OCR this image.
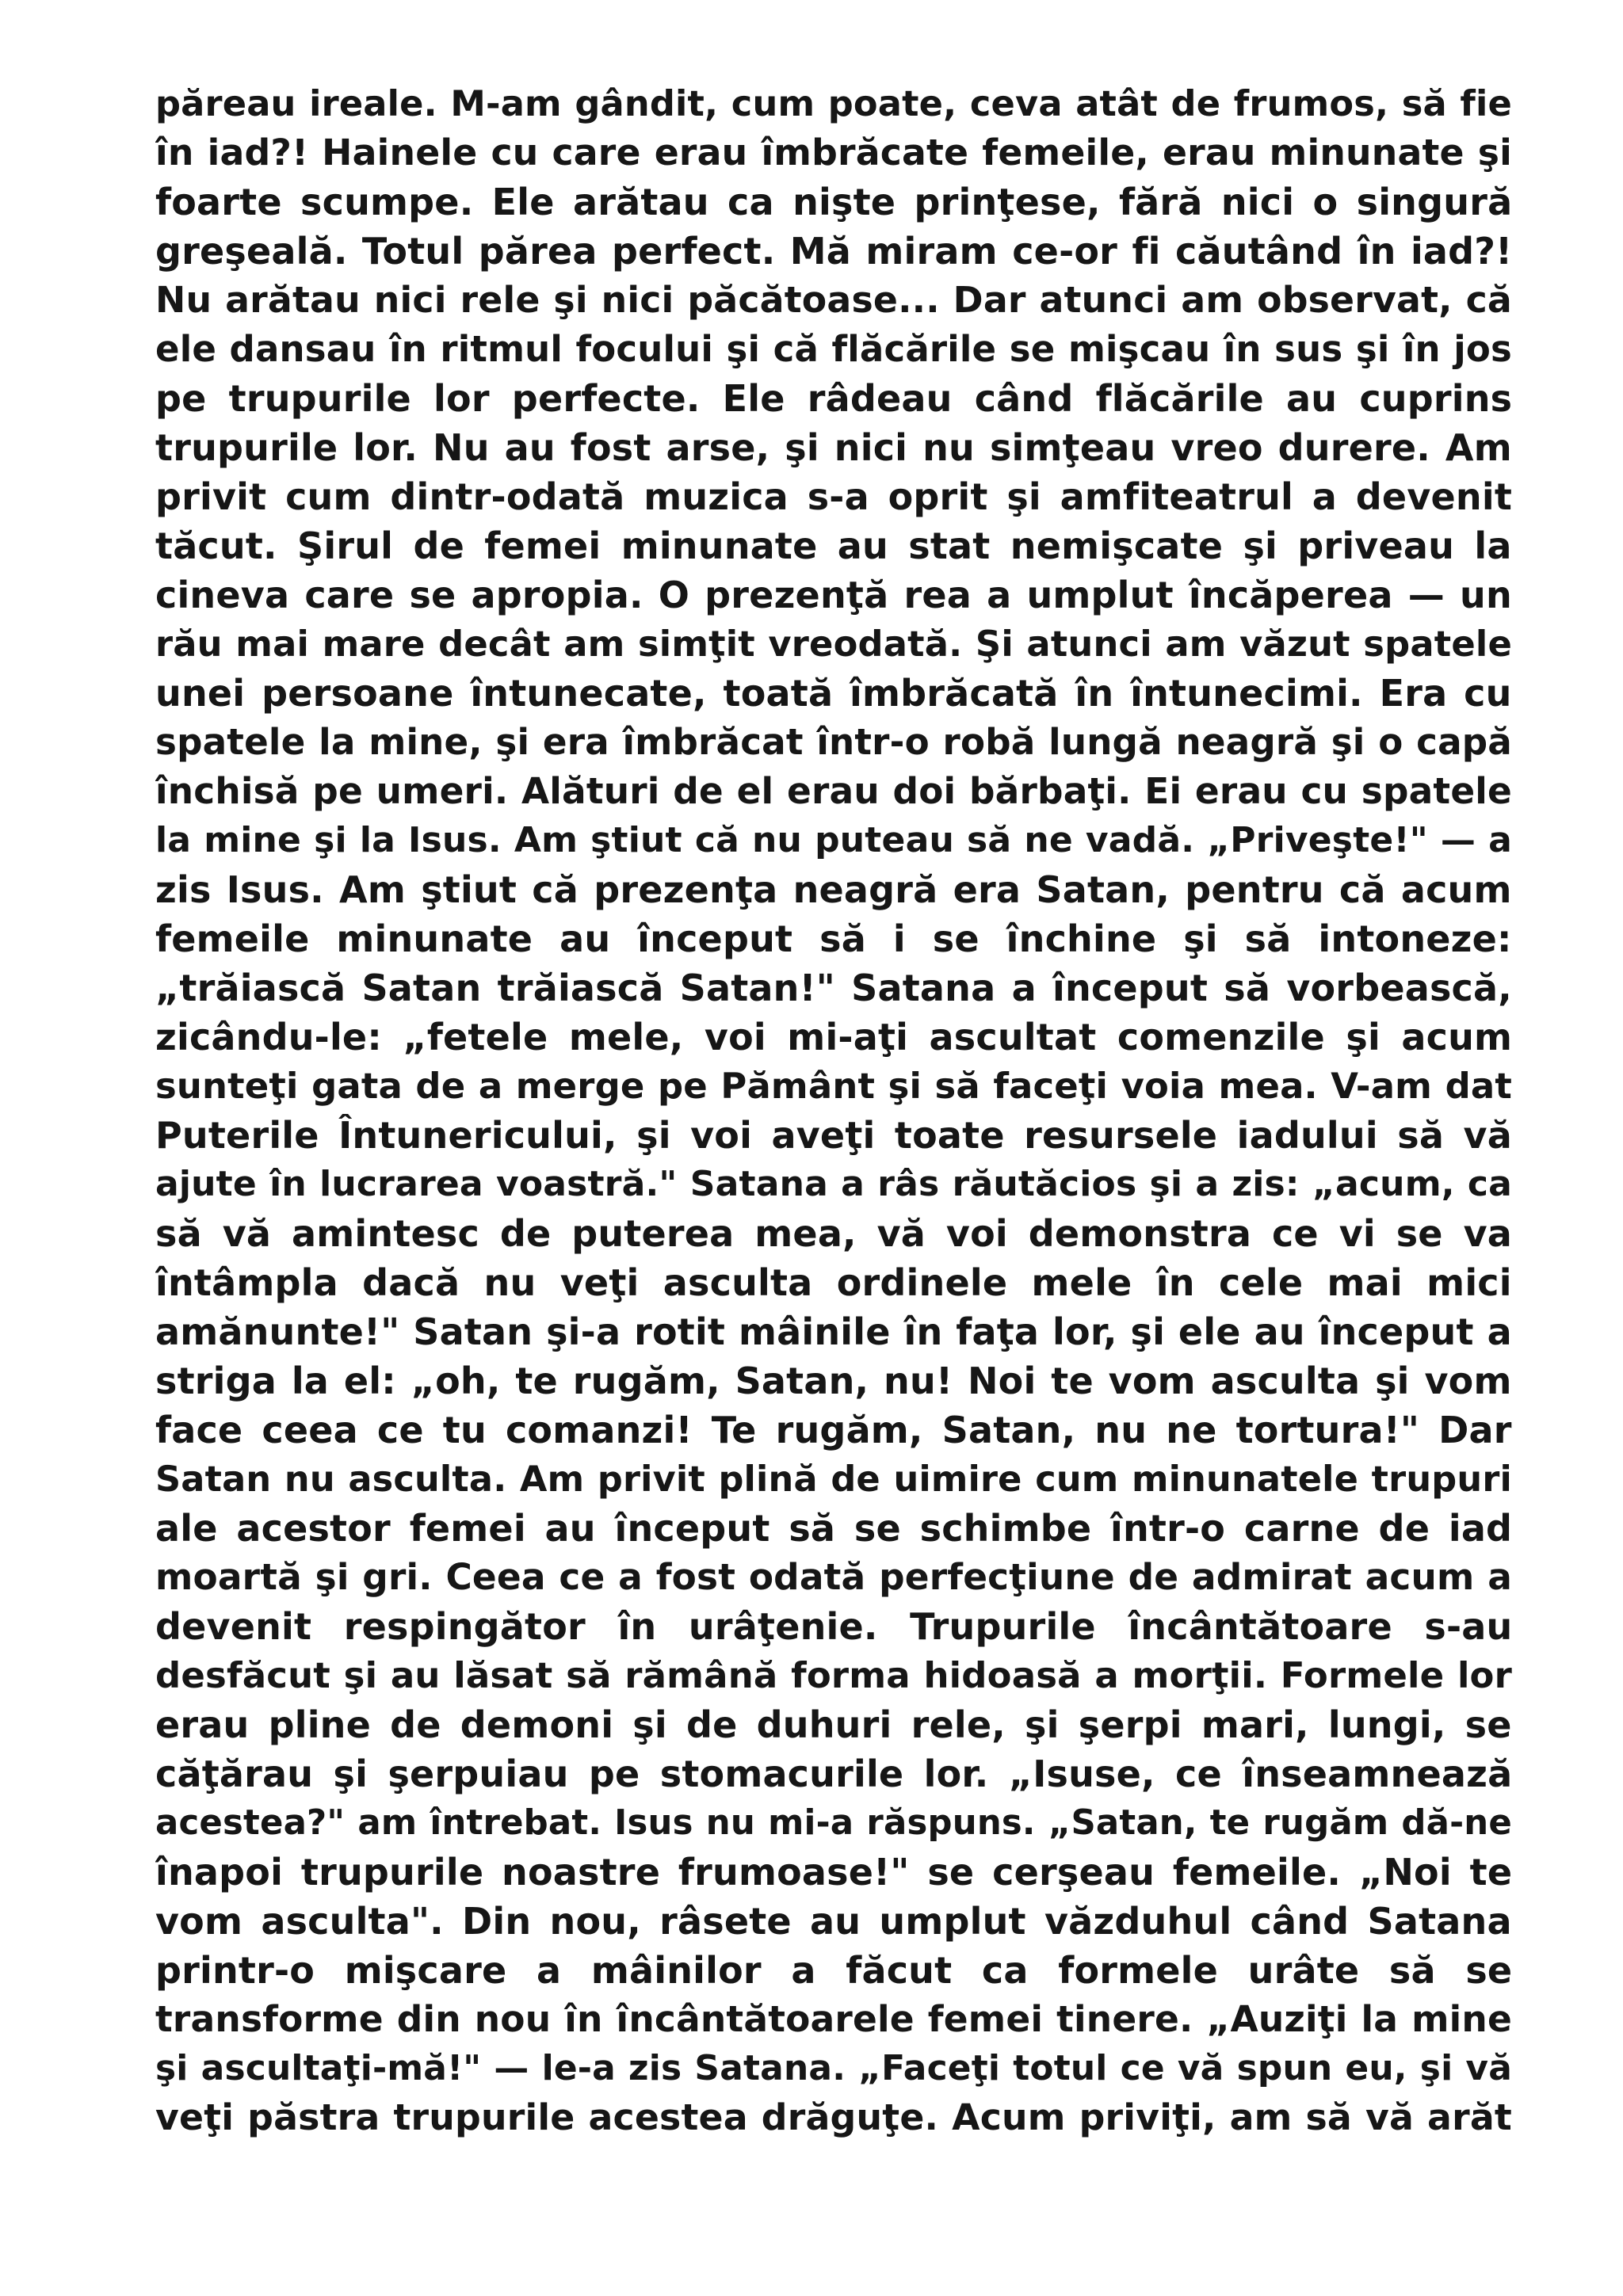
păreau ireale. M-am gândit, cum poate, ceva atât de frumos, să fie
în iad?! Hainele cu care erau îmbrăcate femeile, erau minunate şi
foarte scumpe. Ele arătau ca nişte prinţese, fără nici o singură
greşeală. Totul părea perfect. Mă miram ce-or fi căutând în iad?!
Nu arătau nici rele şi nici păcătoase... Dar atunci am observat, că
ele dansau în ritmul focului şi că flăcările se mişcau în sus şi în jos
pe trupurile lor perfecte. Ele râdeau când flăcările au cuprins
trupurile lor. Nu au fost arse, şi nici nu simţeau vreo durere. Am
privit cum dintr-odată muzica s-a oprit şi amfiteatrul a devenit
tăcut. Şirul de femei minunate au stat nemişcate şi priveau la
cineva care se apropia. O prezenţă rea a umplut încăperea — un
rău mai mare decât am simţit vreodată. Şi atunci am văzut spatele
unei persoane întunecate, toată îmbrăcată în întunecimi. Era cu
spatele la mine, şi era îmbrăcat într-o robă lungă neagră şi o capă
închisă pe umeri. Alături de el erau doi bărbaţi. Ei erau cu spatele
la mine şi la Isus. Am ştiut că nu puteau să ne vadă. „Priveşte!" — a
zis Isus. Am ştiut că prezenţa neagră era Satan, pentru că acum
femeile minunate au început să i se închine şi să intoneze:
„trăiască Satan trăiască Satan!" Satana a început să vorbească,
zicându-le: „fetele mele, voi mi-aţi ascultat comenzile şi acum
sunteţi gata de a merge pe Pământ şi să faceţi voia mea. V-am dat
Puterile Întunericului, şi voi aveţi toate resursele iadului să vă
ajute în lucrarea voastră." Satana a râs răutăcios şi a zis: „acum, ca
să vă amintesc de puterea mea, vă voi demonstra ce vi se va
întâmpla dacă nu veţi asculta ordinele mele în cele mai mici
amănunte!" Satan şi-a rotit mâinile în faţa lor, şi ele au început a
striga la el: „oh, te rugăm, Satan, nu! Noi te vom asculta şi vom
face ceea ce tu comanzi! Te rugăm, Satan, nu ne tortura!" Dar
Satan nu asculta. Am privit plină de uimire cum minunatele trupuri
ale acestor femei au început să se schimbe într-o carne de iad
moartă şi gri. Ceea ce a fost odată perfecţiune de admirat acum a
devenit respingător în urâţenie. Trupurile încântătoare s-au
desfăcut şi au lăsat să rămână forma hidoasă a morţii. Formele lor
erau pline de demoni şi de duhuri rele, şi şerpi mari, lungi, se
căţărau şi şerpuiau pe stomacurile lor. „Isuse, ce înseamnează
acestea?" am întrebat. Isus nu mi-a răspuns. „Satan, te rugăm dă-ne
înapoi trupurile noastre frumoase!" se cerşeau femeile. „Noi te
vom asculta". Din nou, râsete au umplut văzduhul când Satana
printr-o mişcare a mâinilor a făcut ca formele urâte să se
transforme din nou în încântătoarele femei tinere. „Auziţi la mine
şi ascultaţi-mă!" — le-a zis Satana. „Faceţi totul ce vă spun eu, şi vă
veţi păstra trupurile acestea drăguţe. Acum priviţi, am să vă arăt
